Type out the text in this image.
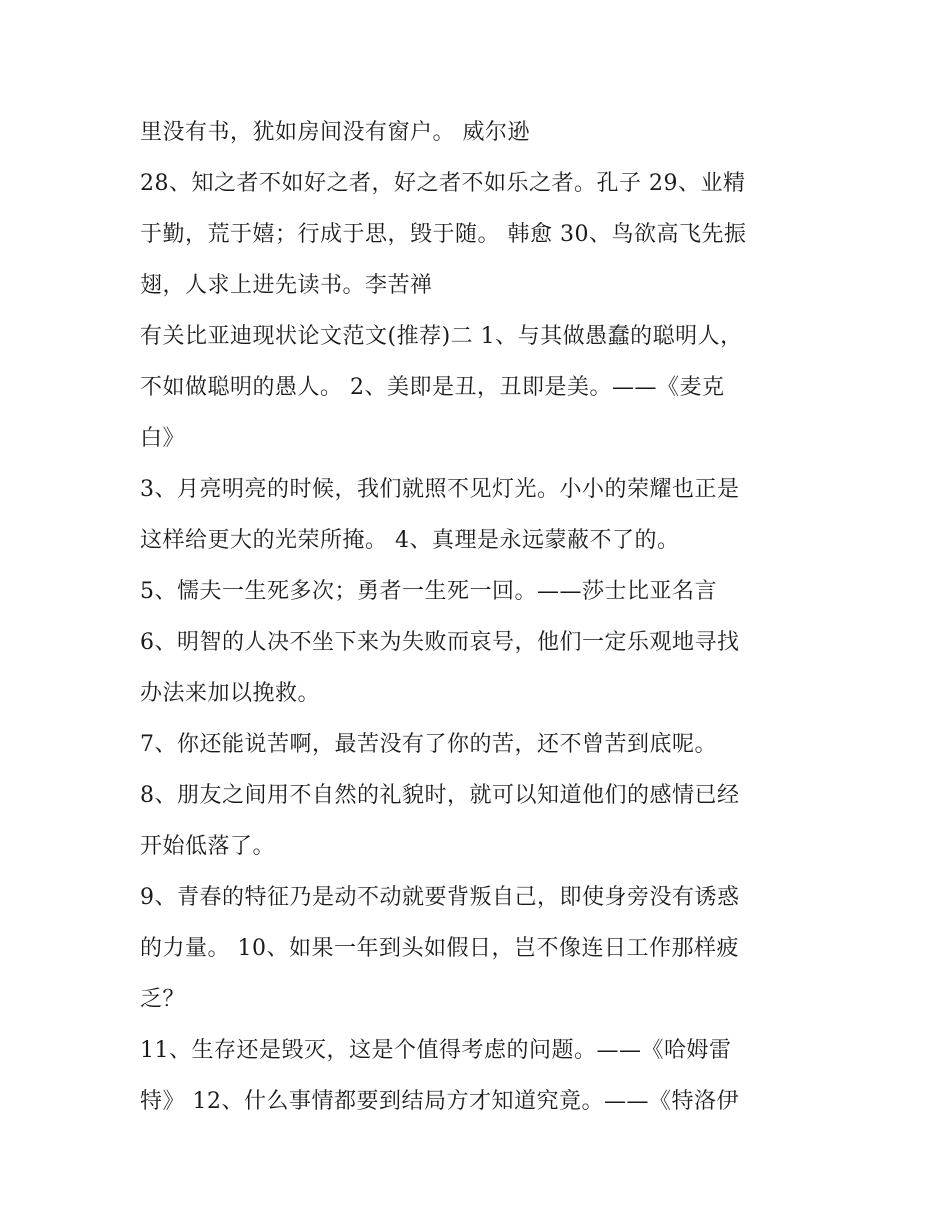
里没有书，犹如房间没有窗户。 威尔逊
28、知之者不如好之者，好之者不如乐之者。孔子 29、业精
于勤，荒于嬉；行成于思，毁于随。 韩愈 30、鸟欲高飞先振
翅，人求上进先读书。李苦禅
有关比亚迪现状论文范文(推荐)二 1、与其做愚蠢的聪明人，
不如做聪明的愚人。 2、美即是丑，丑即是美。——《麦克
白》
3、月亮明亮的时候，我们就照不见灯光。小小的荣耀也正是
这样给更大的光荣所掩。 4、真理是永远蒙蔽不了的。
5、懦夫一生死多次；勇者一生死一回。——莎士比亚名言
6、明智的人决不坐下来为失败而哀号，他们一定乐观地寻找
办法来加以挽救。
7、你还能说苦啊，最苦没有了你的苦，还不曾苦到底呢。
8、朋友之间用不自然的礼貌时，就可以知道他们的感情已经
开始低落了。
9、青春的特征乃是动不动就要背叛自己，即使身旁没有诱惑
的力量。 10、如果一年到头如假日，岂不像连日工作那样疲
乏？
11、生存还是毁灭，这是个值得考虑的问题。——《哈姆雷
特》 12、什么事情都要到结局方才知道究竟。——《特洛伊
